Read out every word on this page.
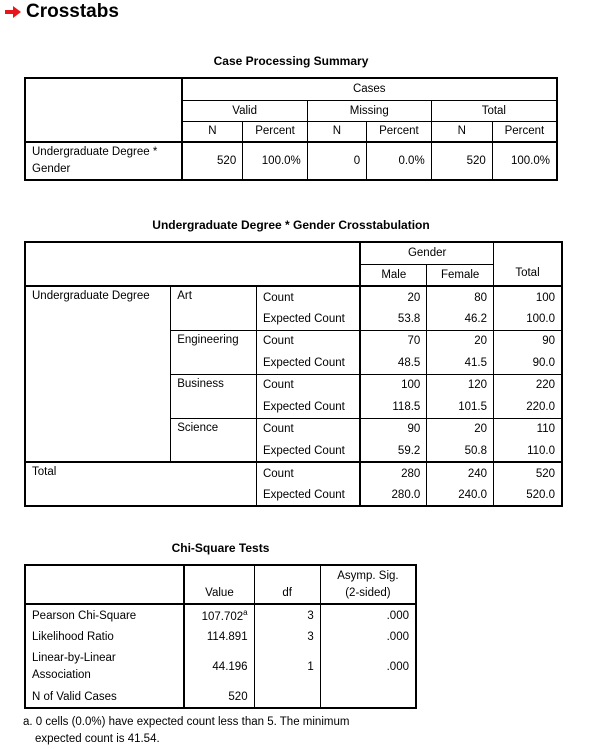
Crosstabs
Case Processing Summary
	Cases					
	Valid		Missing		Total	
	N	Percent	N	Percent	N	Percent

Undergraduate Degree *
Gender	520	100.0%	0	0.0%	520	100.0%
Undergraduate Degree * Gender Crosstabulation
			Gender		Total
			Male	Female	
Undergraduate Degree	Art	Count	20	80	100
		Expected Count	53.8	46.2	100.0
	Engineering	Count	70	20	90
		Expected Count	48.5	41.5	90.0
	Business	Count	100	120	220
		Expected Count	118.5	101.5	220.0
	Science	Count	90	20	110
		Expected Count	59.2	50.8	110.0
Total		Count	280	240	520
		Expected Count	280.0	240.0	520.0
Chi-Square Tests
	Value	df	Asymp. Sig.
(2-sided)

Pearson Chi-Square	107.702$^a$	3	.000
Likelihood Ratio	114.891	3	.000

Linear-by-Linear
Association	44.196	1	.000
N of Valid Cases	520		
a. 0 cells (0.0%) have expected count less than 5. The minimum
expected count is 41.54.
